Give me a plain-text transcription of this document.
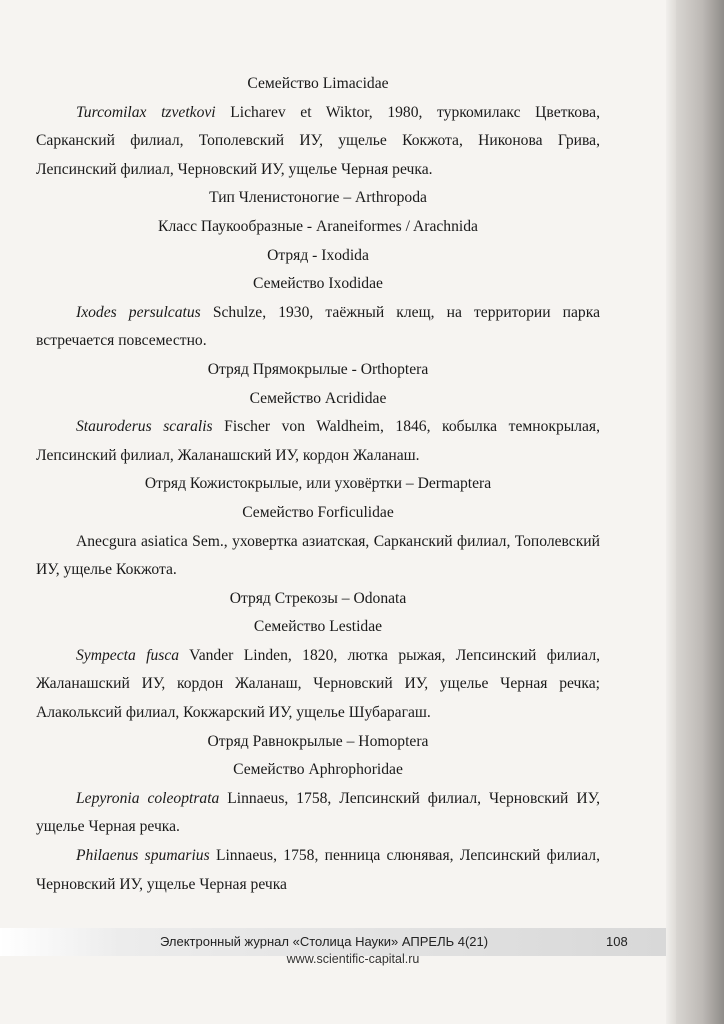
Семейство Limacidae
Turcomilax tzvetkovi Licharev et Wiktor, 1980, туркомилакс Цветкова, Сарканский филиал, Тополевский ИУ, ущелье Кокжота, Никонова Грива, Лепсинский филиал, Черновский ИУ, ущелье Черная речка.
Тип Членистоногие – Arthropoda
Класс Паукообразные - Araneiformes / Arachnida
Отряд - Ixodida
Семейство Ixodidae
Ixodes persulcatus Schulze, 1930, таёжный клещ, на территории парка встречается повсеместно.
Отряд Прямокрылые - Orthoptera
Семейство Acrididae
Stauroderus scaralis Fischer von Waldheim, 1846, кобылка темнокрылая, Лепсинский филиал, Жаланашский ИУ, кордон Жаланаш.
Отряд Кожистокрылые, или уховёртки – Dermaptera
Семейство Forficulidae
Anecgura asiatica Sem., уховертка азиатская, Сарканский филиал, Тополевский ИУ, ущелье Кокжота.
Отряд Стрекозы – Odonata
Семейство Lestidae
Sympecta fusca Vander Linden, 1820, лютка рыжая, Лепсинский филиал, Жаланашский ИУ, кордон Жаланаш, Черновский ИУ, ущелье Черная речка; Алакольксий филиал, Кокжарский ИУ, ущелье Шубарагаш.
Отряд Равнокрылые – Homoptera
Семейство Aphrophoridae
Lepyronia coleoptrata Linnaeus, 1758, Лепсинский филиал, Черновский ИУ, ущелье Черная речка.
Philaenus spumarius Linnaeus, 1758, пенница слюнявая, Лепсинский филиал, Черновский ИУ, ущелье Черная речка
Электронный журнал «Столица Науки» АПРЕЛЬ 4(21)	108
www.scientific-capital.ru
